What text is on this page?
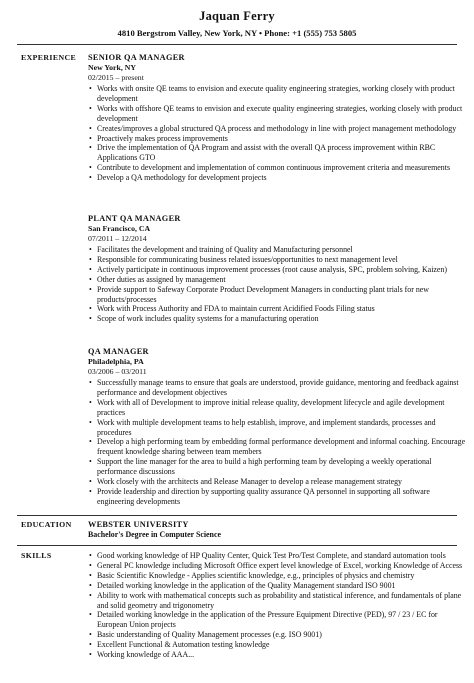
Jaquan Ferry
4810 Bergstrom Valley, New York, NY • Phone: +1 (555) 753 5805
EXPERIENCE SENIOR QA MANAGER
New York, NY
02/2015 – present
• Works with onsite QE teams to envision and execute quality engineering strategies, working closely with product development
• Works with offshore QE teams to envision and execute quality engineering strategies, working closely with product development
• Creates/improves a global structured QA process and methodology in line with project management methodology
• Proactively makes process improvements
• Drive the implementation of QA Program and assist with the overall QA process improvement within RBC Applications GTO
• Contribute to development and implementation of common continuous improvement criteria and measurements
• Develop a QA methodology for development projects
PLANT QA MANAGER
San Francisco, CA
07/2011 – 12/2014
• Facilitates the development and training of Quality and Manufacturing personnel
• Responsible for communicating business related issues/opportunities to next management level
• Actively participate in continuous improvement processes (root cause analysis, SPC, problem solving, Kaizen)
• Other duties as assigned by management
• Provide support to Safeway Corporate Product Development Managers in conducting plant trials for new products/processes
• Work with Process Authority and FDA to maintain current Acidified Foods Filing status
• Scope of work includes quality systems for a manufacturing operation
QA MANAGER
Philadelphia, PA
03/2006 – 03/2011
• Successfully manage teams to ensure that goals are understood, provide guidance, mentoring and feedback against performance and development objectives
• Work with all of Development to improve initial release quality, development lifecycle and agile development practices
• Work with multiple development teams to help establish, improve, and implement standards, processes and procedures
• Develop a high performing team by embedding formal performance development and informal coaching. Encourage frequent knowledge sharing between team members
• Support the line manager for the area to build a high performing team by developing a weekly operational performance discussions
• Work closely with the architects and Release Manager to develop a release management strategy
• Provide leadership and direction by supporting quality assurance QA personnel in supporting all software engineering developments
EDUCATION WEBSTER UNIVERSITY
Bachelor's Degree in Computer Science
SKILLS	• Good working knowledge of HP Quality Center, Quick Test Pro/Test Complete, and standard automation tools
• General PC knowledge including Microsoft Office expert level knowledge of Excel, working Knowledge of Access
• Basic Scientific Knowledge - Applies scientific knowledge, e.g., principles of physics and chemistry
• Detailed working knowledge in the application of the Quality Management standard ISO 9001
• Ability to work with mathematical concepts such as probability and statistical inference, and fundamentals of plane and solid geometry and trigonometry
• Detailed working knowledge in the application of the Pressure Equipment Directive (PED), 97 / 23 / EC for European Union projects
• Basic understanding of Quality Management processes (e.g. ISO 9001)
• Excellent Functional & Automation testing knowledge
• Working knowledge of AAA...
